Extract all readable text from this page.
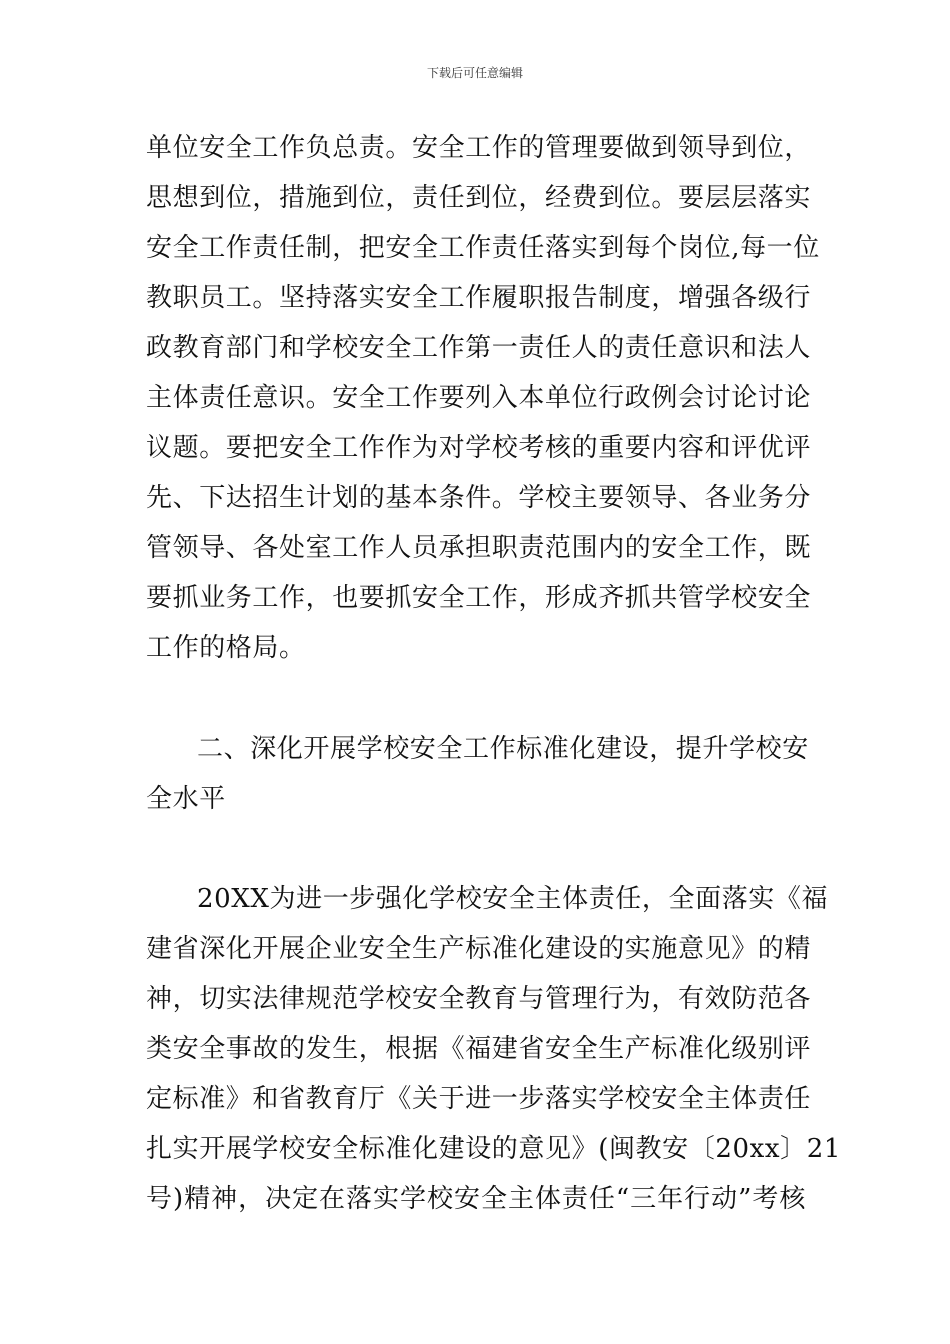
下载后可任意编辑
单位安全工作负总责。安全工作的管理要做到领导到位，
思想到位，措施到位，责任到位，经费到位。要层层落实
安全工作责任制，把安全工作责任落实到每个岗位,每一位
教职员工。坚持落实安全工作履职报告制度，增强各级行
政教育部门和学校安全工作第一责任人的责任意识和法人
主体责任意识。安全工作要列入本单位行政例会讨论讨论
议题。要把安全工作作为对学校考核的重要内容和评优评
先、下达招生计划的基本条件。学校主要领导、各业务分
管领导、各处室工作人员承担职责范围内的安全工作，既
要抓业务工作，也要抓安全工作，形成齐抓共管学校安全
工作的格局。
二、深化开展学校安全工作标准化建设，提升学校安
全水平
20XX为进一步强化学校安全主体责任，全面落实《福
建省深化开展企业安全生产标准化建设的实施意见》的精
神，切实法律规范学校安全教育与管理行为，有效防范各
类安全事故的发生，根据《福建省安全生产标准化级别评
定标准》和省教育厅《关于进一步落实学校安全主体责任
扎实开展学校安全标准化建设的意见》(闽教安〔20xx〕21
号)精神，决定在落实学校安全主体责任“三年行动”考核
